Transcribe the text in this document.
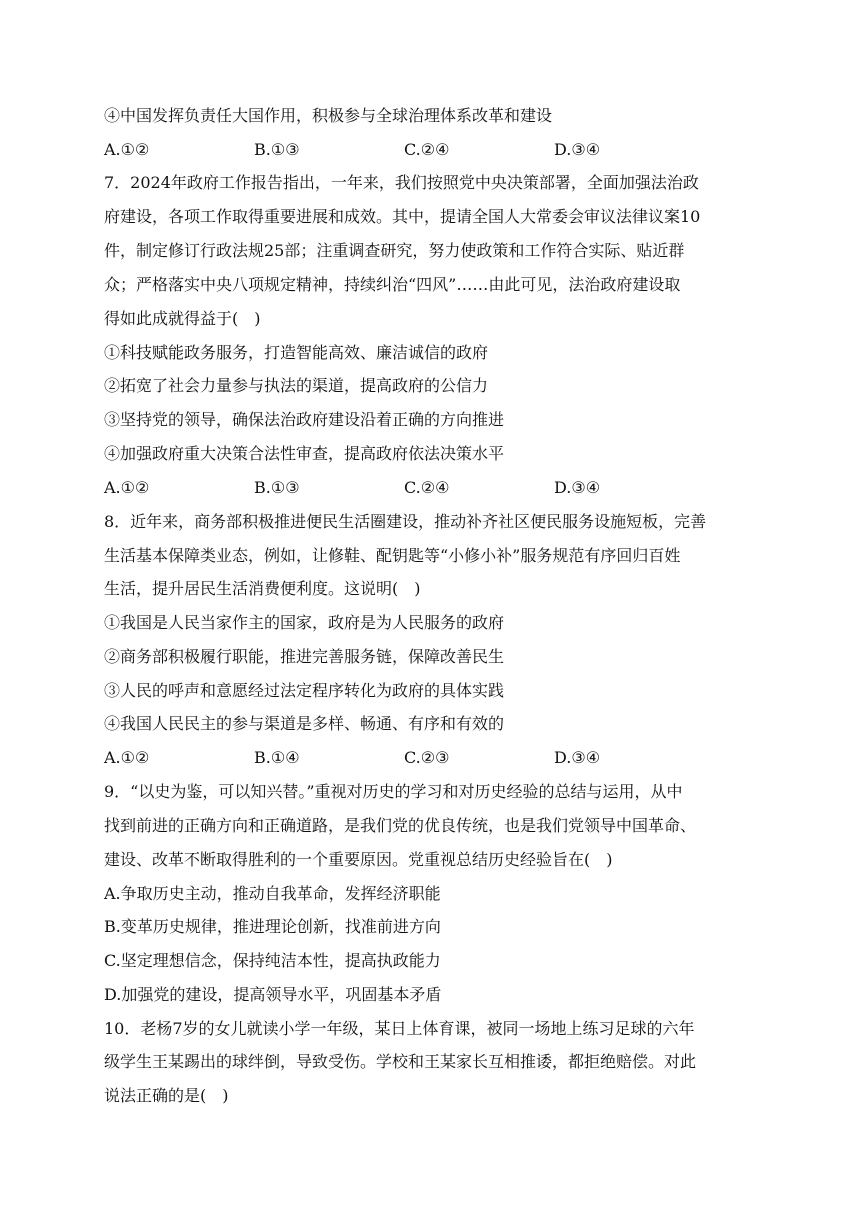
④中国发挥负责任大国作用，积极参与全球治理体系改革和建设
A.①②	B.①③	C.②④	D.③④
7．2024年政府工作报告指出，一年来，我们按照党中央决策部署，全面加强法治政
府建设，各项工作取得重要进展和成效。其中，提请全国人大常委会审议法律议案10
件，制定修订行政法规25部；注重调查研究，努力使政策和工作符合实际、贴近群
众；严格落实中央八项规定精神，持续纠治“四风”……由此可见，法治政府建设取
得如此成就得益于(　)
①科技赋能政务服务，打造智能高效、廉洁诚信的政府
②拓宽了社会力量参与执法的渠道，提高政府的公信力
③坚持党的领导，确保法治政府建设沿着正确的方向推进
④加强政府重大决策合法性审查，提高政府依法决策水平
A.①②	B.①③	C.②④	D.③④
8．近年来，商务部积极推进便民生活圈建设，推动补齐社区便民服务设施短板，完善
生活基本保障类业态，例如，让修鞋、配钥匙等“小修小补”服务规范有序回归百姓
生活，提升居民生活消费便利度。这说明(　)
①我国是人民当家作主的国家，政府是为人民服务的政府
②商务部积极履行职能，推进完善服务链，保障改善民生
③人民的呼声和意愿经过法定程序转化为政府的具体实践
④我国人民民主的参与渠道是多样、畅通、有序和有效的
A.①②	B.①④	C.②③	D.③④
9．“以史为鉴，可以知兴替。”重视对历史的学习和对历史经验的总结与运用，从中
找到前进的正确方向和正确道路，是我们党的优良传统，也是我们党领导中国革命、
建设、改革不断取得胜利的一个重要原因。党重视总结历史经验旨在(　)
A.争取历史主动，推动自我革命，发挥经济职能
B.变革历史规律，推进理论创新，找准前进方向
C.坚定理想信念，保持纯洁本性，提高执政能力
D.加强党的建设，提高领导水平，巩固基本矛盾
10．老杨7岁的女儿就读小学一年级，某日上体育课，被同一场地上练习足球的六年
级学生王某踢出的球绊倒，导致受伤。学校和王某家长互相推诿，都拒绝赔偿。对此
说法正确的是(　)
